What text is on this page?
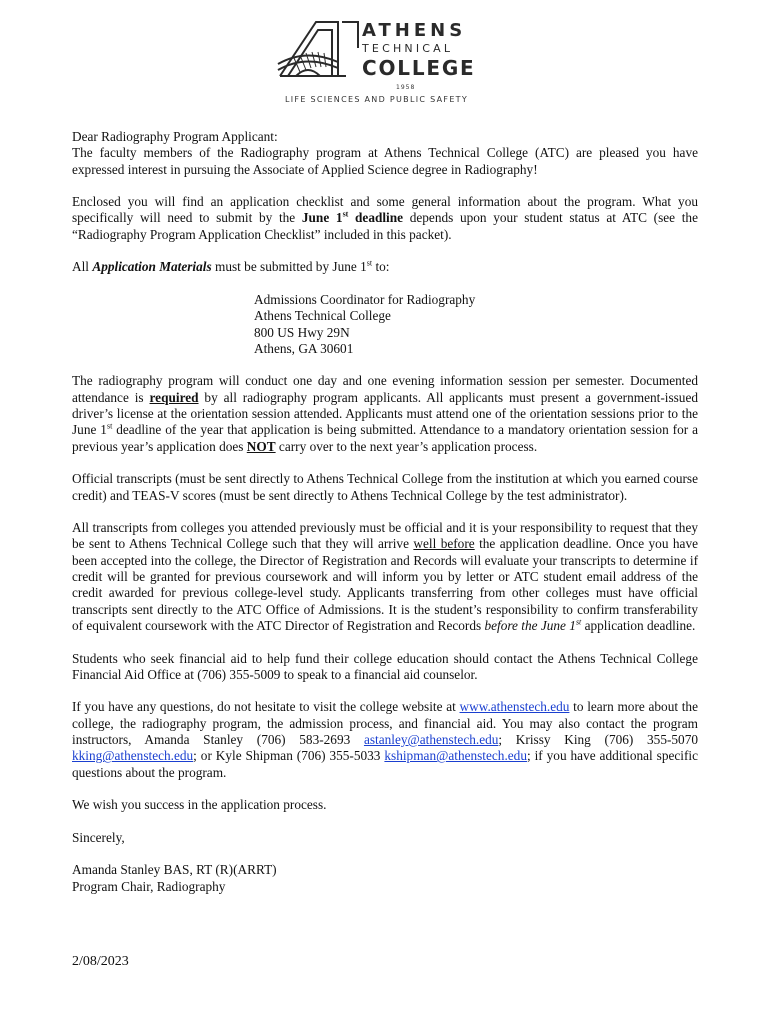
ATHENS
TECHNICAL
COLLEGE
1958
LIFE SCIENCES AND PUBLIC SAFETY

Dear Radiography Program Applicant:

The faculty members of the Radiography program at Athens Technical College (ATC) are pleased you have expressed interest in pursuing the Associate of Applied Science degree in Radiography!

Enclosed you will find an application checklist and some general information about the program. What you specifically will need to submit by the June 1st deadline depends upon your student status at ATC (see the “Radiography Program Application Checklist” included in this packet).

All Application Materials must be submitted by June 1st to:

Admissions Coordinator for Radiography
Athens Technical College
800 US Hwy 29N
Athens, GA 30601

The radiography program will conduct one day and one evening information session per semester. Documented attendance is required by all radiography program applicants. All applicants must present a government-issued driver’s license at the orientation session attended. Applicants must attend one of the orientation sessions prior to the June 1st deadline of the year that application is being submitted. Attendance to a mandatory orientation session for a previous year’s application does NOT carry over to the next year’s application process.

Official transcripts (must be sent directly to Athens Technical College from the institution at which you earned course credit) and TEAS-V scores (must be sent directly to Athens Technical College by the test administrator).

All transcripts from colleges you attended previously must be official and it is your responsibility to request that they be sent to Athens Technical College such that they will arrive well before the application deadline. Once you have been accepted into the college, the Director of Registration and Records will evaluate your transcripts to determine if credit will be granted for previous coursework and will inform you by letter or ATC student email address of the credit awarded for previous college-level study. Applicants transferring from other colleges must have official transcripts sent directly to the ATC Office of Admissions. It is the student’s responsibility to confirm transferability of equivalent coursework with the ATC Director of Registration and Records before the June 1st application deadline.

Students who seek financial aid to help fund their college education should contact the Athens Technical College Financial Aid Office at (706) 355-5009 to speak to a financial aid counselor.

If you have any questions, do not hesitate to visit the college website at www.athenstech.edu to learn more about the college, the radiography program, the admission process, and financial aid. You may also contact the program instructors, Amanda Stanley (706) 583-2693 astanley@athenstech.edu; Krissy King (706) 355-5070 kking@athenstech.edu; or Kyle Shipman (706) 355-5033 kshipman@athenstech.edu; if you have additional specific questions about the program.

We wish you success in the application process.

Sincerely,

Amanda Stanley BAS, RT (R)(ARRT)

Program Chair, Radiography

2/08/2023
